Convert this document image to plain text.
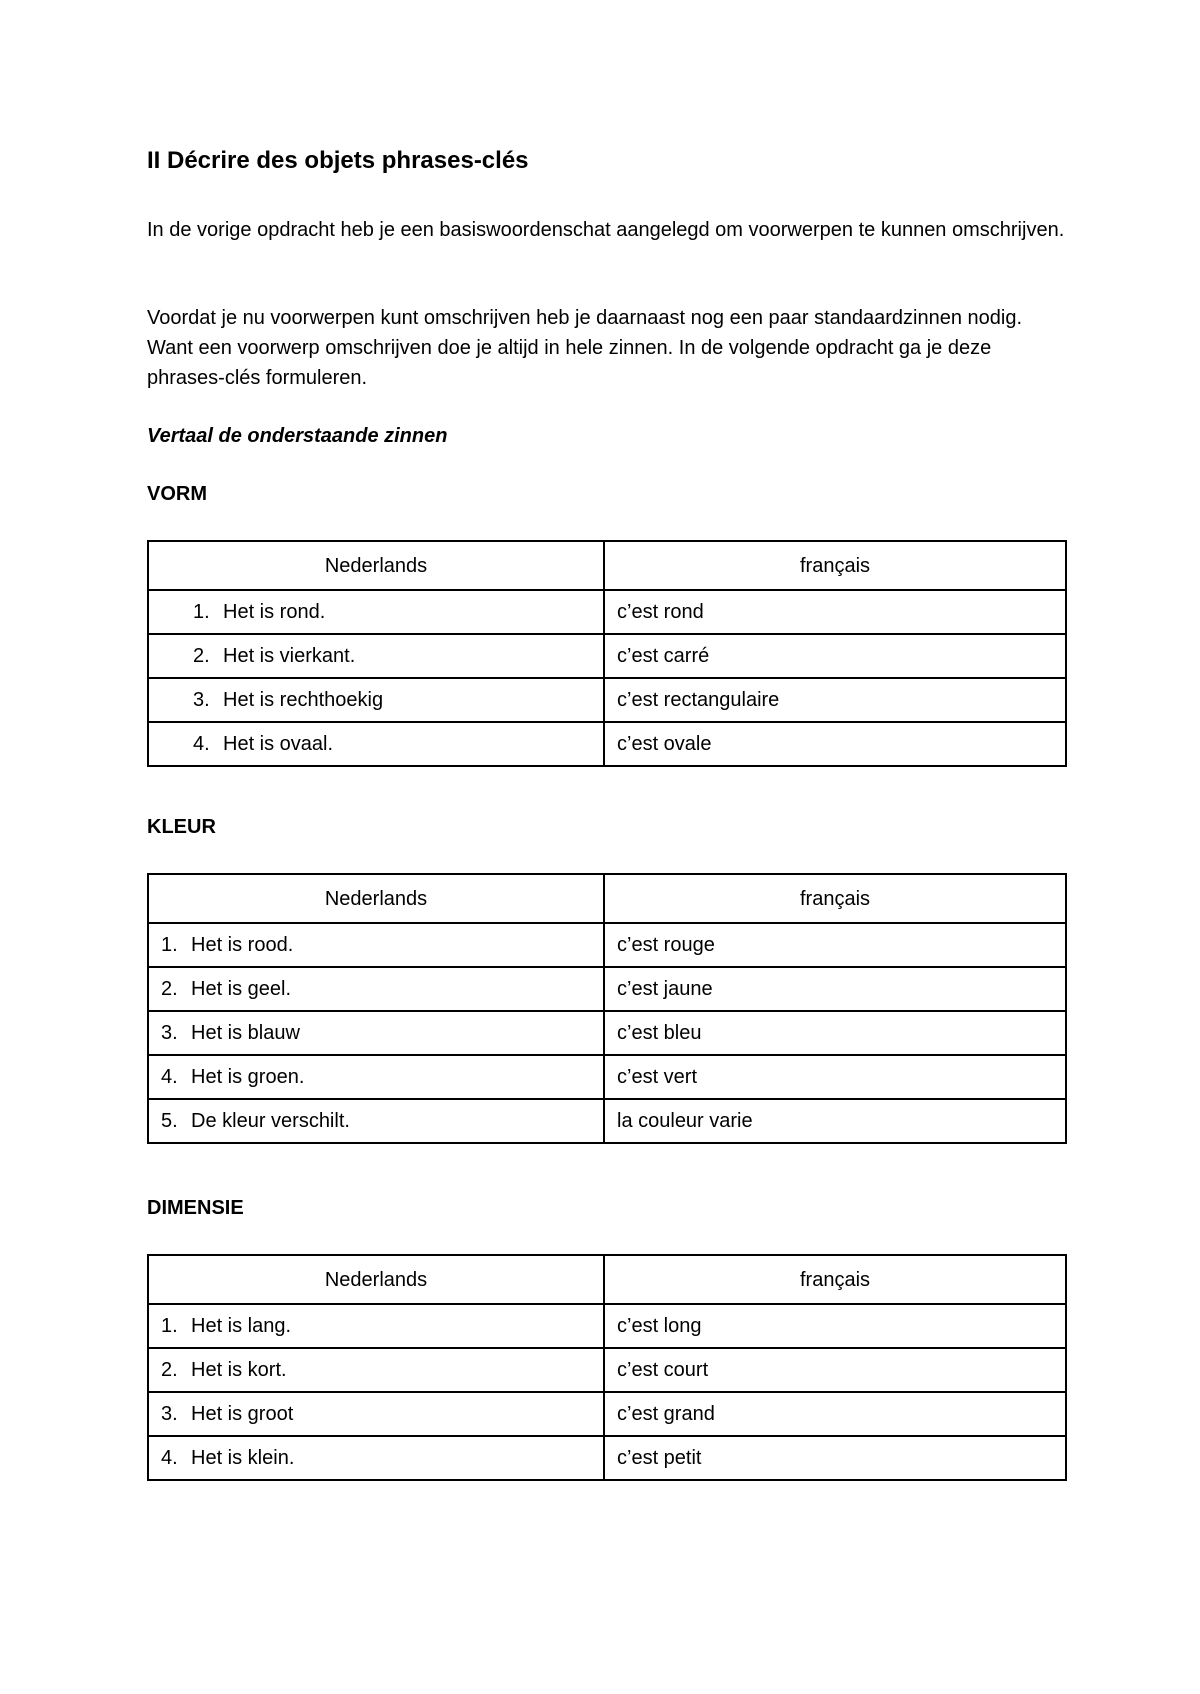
II Décrire des objets phrases-clés

In de vorige opdracht heb je een basiswoordenschat aangelegd om voorwerpen te kunnen omschrijven.

Voordat je nu voorwerpen kunt omschrijven heb je daarnaast nog een paar standaardzinnen nodig. Want een voorwerp omschrijven doe je altijd in hele zinnen. In de volgende opdracht ga je deze phrases-clés formuleren.

Vertaal de onderstaande zinnen

VORM

Nederlands	français
1. Het is rond.	c’est rond
2. Het is vierkant.	c’est carré
3. Het is rechthoekig	c’est rectangulaire
4. Het is ovaal.	c’est ovale

KLEUR

Nederlands	français
1. Het is rood.	c’est rouge
2. Het is geel.	c’est jaune
3. Het is blauw	c’est bleu
4. Het is groen.	c’est vert
5. De kleur verschilt.	la couleur varie

DIMENSIE

Nederlands	français
1. Het is lang.	c’est long
2. Het is kort.	c’est court
3. Het is groot	c’est grand
4. Het is klein.	c’est petit
